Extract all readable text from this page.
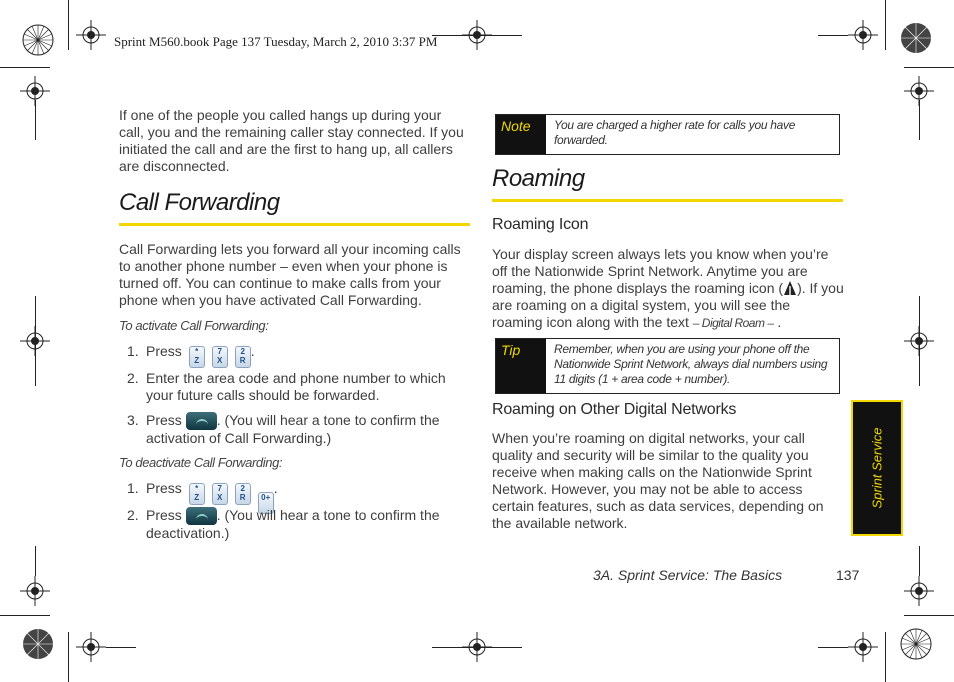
Sprint M560.book Page 137 Tuesday, March 2, 2010 3:37 PM

If one of the people you called hangs up during your call, you and the remaining caller stay connected. If you initiated the call and are the first to hang up, all callers are disconnected.

Call Forwarding

Call Forwarding lets you forward all your incoming calls to another phone number – even when your phone is turned off. You can continue to make calls from your phone when you have activated Call Forwarding.

To activate Call Forwarding:
1. Press	*
Z
7
X
2
R
.
2. Enter the area code and phone number to which your future calls should be forwarded.
3. Press . (You will hear a tone to confirm the activation of Call Forwarding.)
To deactivate Call Forwarding:
1. Press	*
Z
7
X
2
R	0+
.
2. Press . (You will hear a tone to confirm the deactivation.)
Note	You are charged a higher rate for calls you have forwarded.
Roaming
Roaming Icon

Your display screen always lets you know when you’re off the Nationwide Sprint Network. Anytime you are roaming, the phone displays the roaming icon ( ). If you are roaming on a digital system, you will see the roaming icon along with the text – Digital Roam – .

Tip	Remember, when you are using your phone off the Nationwide Sprint Network, always dial numbers using 11 digits (1 + area code + number).
Roaming on Other Digital Networks

When you’re roaming on digital networks, your call quality and security will be similar to the quality you receive when making calls on the Nationwide Sprint Network. However, you may not be able to access certain features, such as data services, depending on the available network.

Sprint Service
3A. Sprint Service: The Basics	137
